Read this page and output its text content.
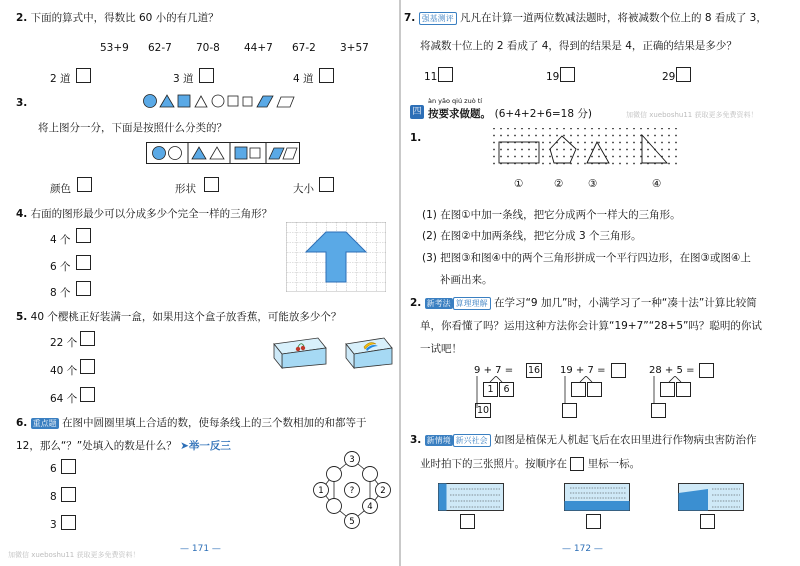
2. 下面的算式中，得数比 60 小的有几道？
53+9 62-7 70-8 44+7 67-2 3+57
2 道	3 道	4 道
3.
将上图分一分，下面是按照什么分类的？
颜色	形状	大小
4. 右面的图形最少可以分成多少个完全一样的三角形？
4 个
6 个
8 个
5. 40 个樱桃正好装满一盒，如果用这个盒子放香蕉，可能放多少个？
22 个
40 个
64 个
6. 重点题 在图中圆圈里填上合适的数，使每条线上的三个数相加的和都等于
12，那么“？”处填入的数是什么？ ➤举一反三
6
8
3
3
?
1	2
4
5
— 171 —
加微信 xueboshu11 获取更多免费资料！
7. 强基测评 凡凡在计算一道两位数减法题时，将被减数个位上的 8 看成了 3，
将减数十位上的 2 看成了 4，得到的结果是 4，正确的结果是多少？
11	19	29
àn yāo qiú zuò tí
四 按要求做题。 (6+4+2+6=18 分)	加微信 xueboshu11 获取更多免费资料！
1.
①	② ③	④
(1) 在图①中加一条线，把它分成两个一样大的三角形。
(2) 在图②中加两条线，把它分成 3 个三角形。
(3) 把图③和图④中的两个三角形拼成一个平行四边形，在图③或图④上
补画出来。
2. 新考法 算理理解 在学习“9 加几”时，小满学习了一种“凑十法”计算比较简
单，你看懂了吗？运用这种方法你会计算“19+7”“28+5”吗？聪明的你试
一试吧！
9 + 7 = 16
1	6
10
19 + 7 =	28 + 5 =
3. 新情境 新兴社会 如图是植保无人机起飞后在农田里进行作物病虫害防治作
业时拍下的三张照片。按顺序在 里标一标。
— 172 —
